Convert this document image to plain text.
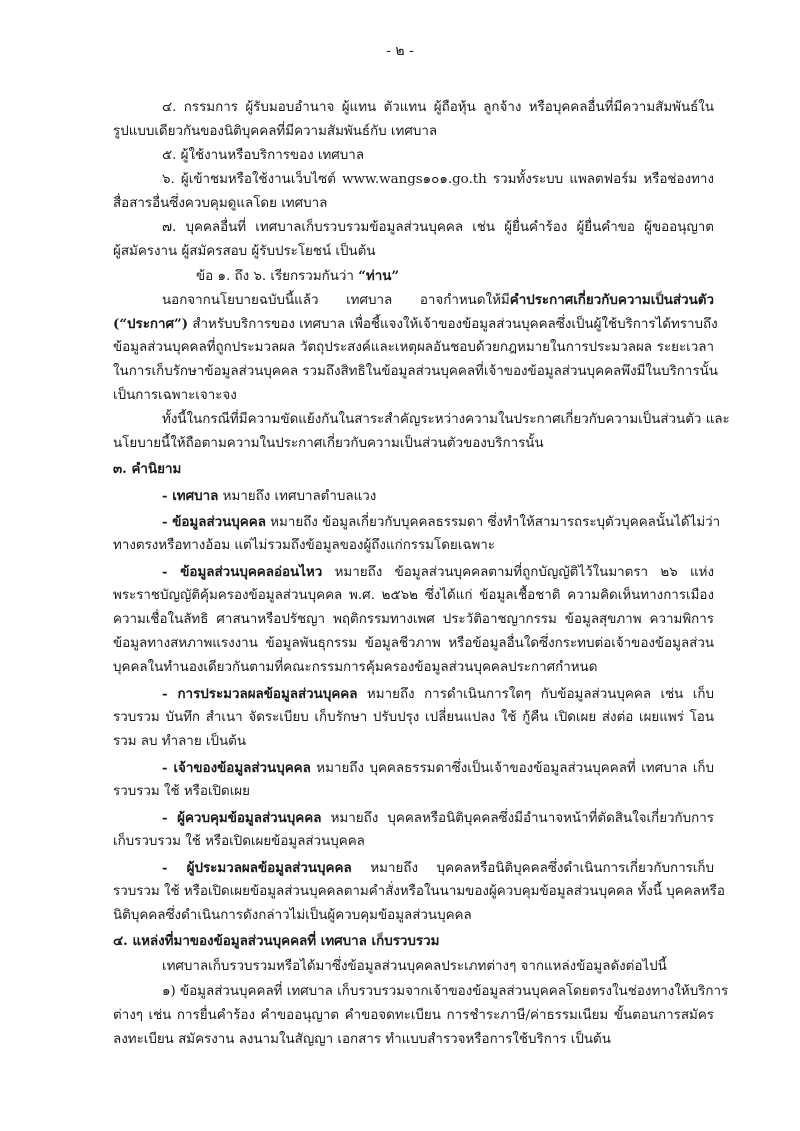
- ๒ -
๔. กรรมการ ผู้รับมอบอำนาจ ผู้แทน ตัวแทน ผู้ถือหุ้น ลูกจ้าง หรือบุคคลอื่นที่มีความสัมพันธ์ใน
รูปแบบเดียวกันของนิติบุคคลที่มีความสัมพันธ์กับ เทศบาล
๕. ผู้ใช้งานหรือบริการของ เทศบาล
๖. ผู้เข้าชมหรือใช้งานเว็บไซต์ www.wangs๑๐๑.go.th รวมทั้งระบบ แพลตฟอร์ม หรือช่องทาง
สื่อสารอื่นซึ่งควบคุมดูแลโดย เทศบาล
๗. บุคคลอื่นที่ เทศบาลเก็บรวบรวมข้อมูลส่วนบุคคล เช่น ผู้ยื่นคำร้อง ผู้ยื่นคำขอ ผู้ขออนุญาต
ผู้สมัครงาน ผู้สมัครสอบ ผู้รับประโยชน์ เป็นต้น
ข้อ ๑. ถึง ๖. เรียกรวมกันว่า “ท่าน”
นอกจากนโยบายฉบับนี้แล้ว เทศบาล อาจกำหนดให้มีคำประกาศเกี่ยวกับความเป็นส่วนตัว
(“ประกาศ”) สำหรับบริการของ เทศบาล เพื่อชี้แจงให้เจ้าของข้อมูลส่วนบุคคลซึ่งเป็นผู้ใช้บริการได้ทราบถึง
ข้อมูลส่วนบุคคลที่ถูกประมวลผล วัตถุประสงค์และเหตุผลอันชอบด้วยกฎหมายในการประมวลผล ระยะเวลา
ในการเก็บรักษาข้อมูลส่วนบุคคล รวมถึงสิทธิในข้อมูลส่วนบุคคลที่เจ้าของข้อมูลส่วนบุคคลพึงมีในบริการนั้น
เป็นการเฉพาะเจาะจง
ทั้งนี้ในกรณีที่มีความขัดแย้งกันในสาระสำคัญระหว่างความในประกาศเกี่ยวกับความเป็นส่วนตัว และ
นโยบายนี้ให้ถือตามความในประกาศเกี่ยวกับความเป็นส่วนตัวของบริการนั้น
๓. คำนิยาม
- เทศบาล หมายถึง เทศบาลตำบลแวง
- ข้อมูลส่วนบุคคล หมายถึง ข้อมูลเกี่ยวกับบุคคลธรรมดา ซึ่งทำให้สามารถระบุตัวบุคคลนั้นได้ไม่ว่า
ทางตรงหรือทางอ้อม แต่ไม่รวมถึงข้อมูลของผู้ถึงแก่กรรมโดยเฉพาะ
- ข้อมูลส่วนบุคคลอ่อนไหว หมายถึง ข้อมูลส่วนบุคคลตามที่ถูกบัญญัติไว้ในมาตรา ๒๖ แห่ง
พระราชบัญญัติคุ้มครองข้อมูลส่วนบุคคล พ.ศ. ๒๕๖๒ ซึ่งได้แก่ ข้อมูลเชื้อชาติ ความคิดเห็นทางการเมือง
ความเชื่อในลัทธิ ศาสนาหรือปรัชญา พฤติกรรมทางเพศ ประวัติอาชญากรรม ข้อมูลสุขภาพ ความพิการ
ข้อมูลทางสหภาพแรงงาน ข้อมูลพันธุกรรม ข้อมูลชีวภาพ หรือข้อมูลอื่นใดซึ่งกระทบต่อเจ้าของข้อมูลส่วน
บุคคลในทำนองเดียวกันตามที่คณะกรรมการคุ้มครองข้อมูลส่วนบุคคลประกาศกำหนด
- การประมวลผลข้อมูลส่วนบุคคล หมายถึง การดำเนินการใดๆ กับข้อมูลส่วนบุคคล เช่น เก็บ
รวบรวม บันทึก สำเนา จัดระเบียบ เก็บรักษา ปรับปรุง เปลี่ยนแปลง ใช้ กู้คืน เปิดเผย ส่งต่อ เผยแพร่ โอน
รวม ลบ ทำลาย เป็นต้น
- เจ้าของข้อมูลส่วนบุคคล หมายถึง บุคคลธรรมดาซึ่งเป็นเจ้าของข้อมูลส่วนบุคคลที่ เทศบาล เก็บ
รวบรวม ใช้ หรือเปิดเผย
- ผู้ควบคุมข้อมูลส่วนบุคคล หมายถึง บุคคลหรือนิติบุคคลซึ่งมีอำนาจหน้าที่ตัดสินใจเกี่ยวกับการ
เก็บรวบรวม ใช้ หรือเปิดเผยข้อมูลส่วนบุคคล
- ผู้ประมวลผลข้อมูลส่วนบุคคล หมายถึง บุคคลหรือนิติบุคคลซึ่งดำเนินการเกี่ยวกับการเก็บ
รวบรวม ใช้ หรือเปิดเผยข้อมูลส่วนบุคคลตามคำสั่งหรือในนามของผู้ควบคุมข้อมูลส่วนบุคคล ทั้งนี้ บุคคลหรือ
นิติบุคคลซึ่งดำเนินการดังกล่าวไม่เป็นผู้ควบคุมข้อมูลส่วนบุคคล
๔. แหล่งที่มาของข้อมูลส่วนบุคคลที่ เทศบาล เก็บรวบรวม
เทศบาลเก็บรวบรวมหรือได้มาซึ่งข้อมูลส่วนบุคคลประเภทต่างๆ จากแหล่งข้อมูลดังต่อไปนี้
๑) ข้อมูลส่วนบุคคลที่ เทศบาล เก็บรวบรวมจากเจ้าของข้อมูลส่วนบุคคลโดยตรงในช่องทางให้บริการ
ต่างๆ เช่น การยื่นคำร้อง คำขออนุญาต คำขอจดทะเบียน การชำระภาษี/ค่าธรรมเนียม ขั้นตอนการสมัคร
ลงทะเบียน สมัครงาน ลงนามในสัญญา เอกสาร ทำแบบสำรวจหรือการใช้บริการ เป็นต้น
